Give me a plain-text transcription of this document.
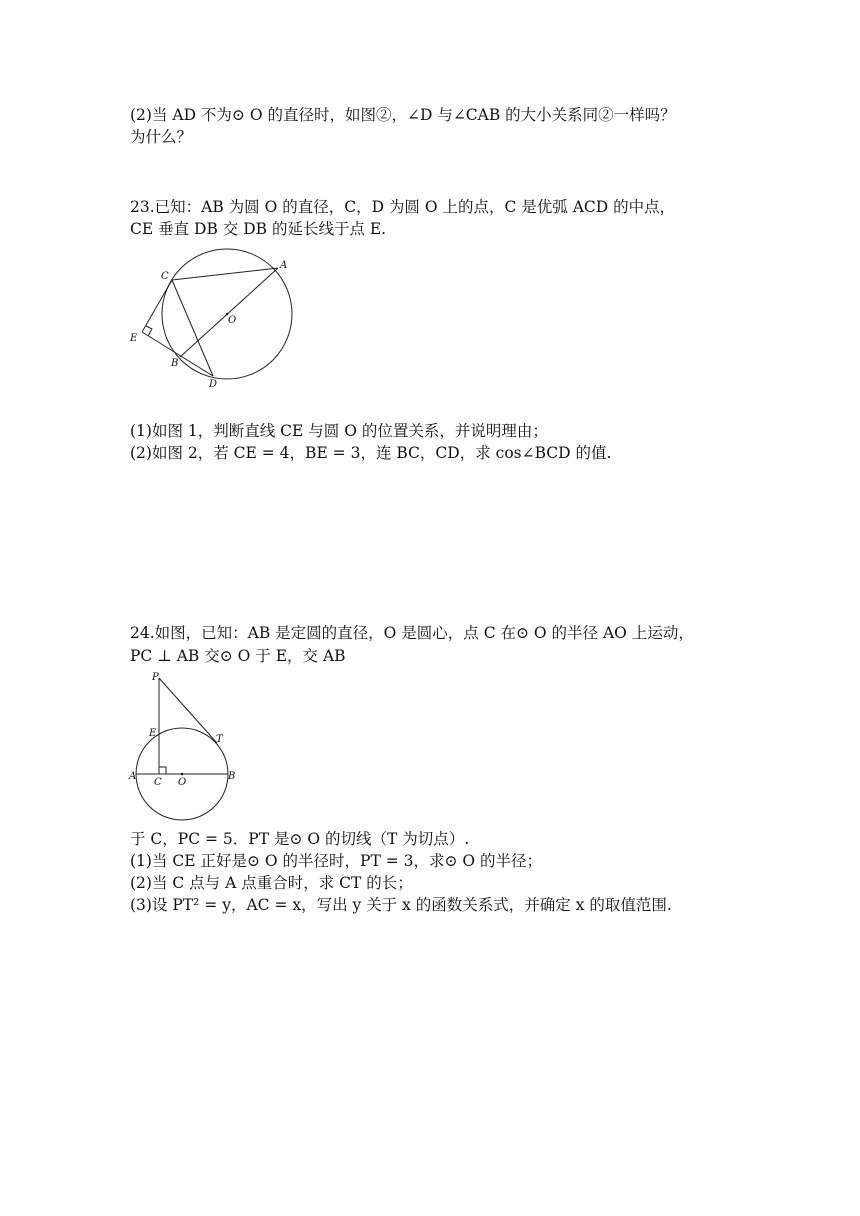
(2)当 AD 不为⊙ O 的直径时，如图②，∠D 与∠CAB 的大小关系同②一样吗？

为什么？

23.已知：AB 为圆 O 的直径，C，D 为圆 O 上的点，C 是优弧 ACD 的中点，

CE 垂直 DB 交 DB 的延长线于点 E.

C
A
O
E
B
D

(1)如图 1，判断直线 CE 与圆 O 的位置关系，并说明理由；

(2)如图 2，若 CE = 4，BE = 3，连 BC，CD，求 cos∠BCD 的值.

24.如图，已知：AB 是定圆的直径，O 是圆心，点 C 在⊙ O 的半径 AO 上运动，

PC ⊥ AB 交⊙ O 于 E，交 AB

P
E
T
A
C O
B

于 C，PC = 5．PT 是⊙ O 的切线（T 为切点）.

(1)当 CE 正好是⊙ O 的半径时，PT = 3，求⊙ O 的半径；

(2)当 C 点与 A 点重合时，求 CT 的长；

(3)设 PT² = y，AC = x，写出 y 关于 x 的函数关系式，并确定 x 的取值范围.
